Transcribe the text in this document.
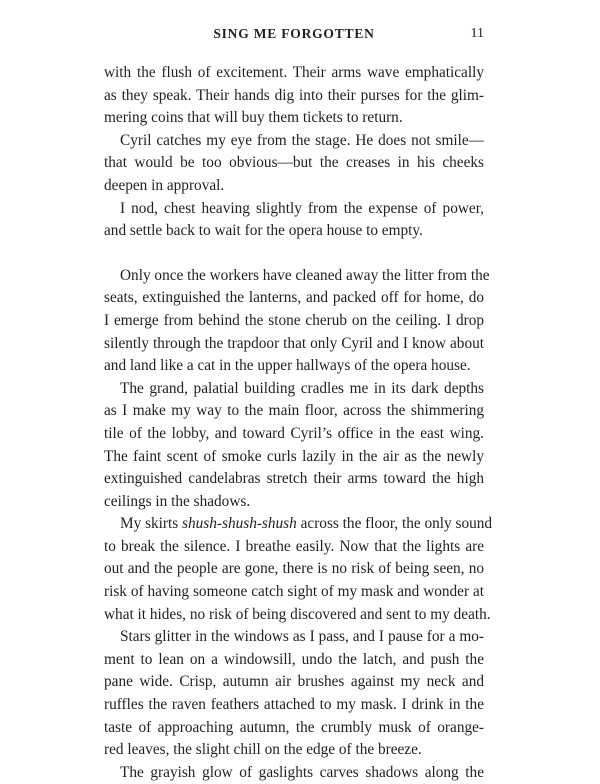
SING ME FORGOTTEN	11

with the flush of excitement. Their arms wave emphatically
as they speak. Their hands dig into their purses for the glim-
mering coins that will buy them tickets to return.

Cyril catches my eye from the stage. He does not smile—
that would be too obvious—but the creases in his cheeks
deepen in approval.

I nod, chest heaving slightly from the expense of power,
and settle back to wait for the opera house to empty.

Only once the workers have cleaned away the litter from the
seats, extinguished the lanterns, and packed off for home, do
I emerge from behind the stone cherub on the ceiling. I drop
silently through the trapdoor that only Cyril and I know about
and land like a cat in the upper hallways of the opera house.

The grand, palatial building cradles me in its dark depths
as I make my way to the main floor, across the shimmering
tile of the lobby, and toward Cyril’s office in the east wing.
The faint scent of smoke curls lazily in the air as the newly
extinguished candelabras stretch their arms toward the high
ceilings in the shadows.

My skirts shush-shush-shush across the floor, the only sound
to break the silence. I breathe easily. Now that the lights are
out and the people are gone, there is no risk of being seen, no
risk of having someone catch sight of my mask and wonder at
what it hides, no risk of being discovered and sent to my death.

Stars glitter in the windows as I pass, and I pause for a mo-
ment to lean on a windowsill, undo the latch, and push the
pane wide. Crisp, autumn air brushes against my neck and
ruffles the raven feathers attached to my mask. I drink in the
taste of approaching autumn, the crumbly musk of orange-
red leaves, the slight chill on the edge of the breeze.

The grayish glow of gaslights carves shadows along the
